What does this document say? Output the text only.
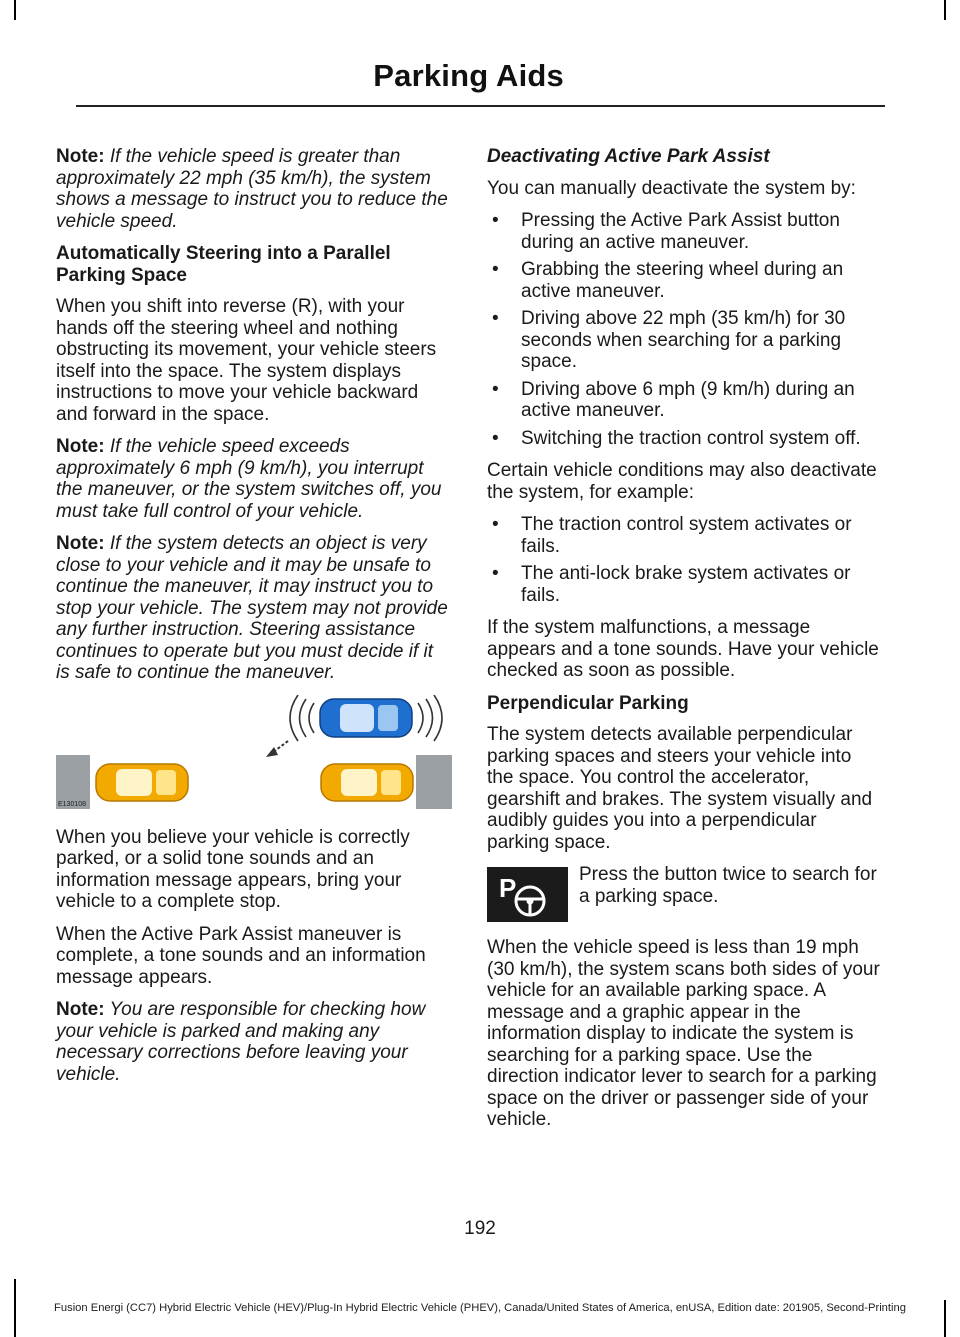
Parking Aids

Note: If the vehicle speed is greater than approximately 22 mph (35 km/h), the system shows a message to instruct you to reduce the vehicle speed.

Automatically Steering into a Parallel Parking Space

When you shift into reverse (R), with your hands off the steering wheel and nothing obstructing its movement, your vehicle steers itself into the space. The system displays instructions to move your vehicle backward and forward in the space.

Note: If the vehicle speed exceeds approximately 6 mph (9 km/h), you interrupt the maneuver, or the system switches off, you must take full control of your vehicle.

Note: If the system detects an object is very close to your vehicle and it may be unsafe to continue the maneuver, it may instruct you to stop your vehicle. The system may not provide any further instruction. Steering assistance continues to operate but you must decide if it is safe to continue the maneuver.

E130108

When you believe your vehicle is correctly parked, or a solid tone sounds and an information message appears, bring your vehicle to a complete stop.

When the Active Park Assist maneuver is complete, a tone sounds and an information message appears.

Note: You are responsible for checking how your vehicle is parked and making any necessary corrections before leaving your vehicle.

Deactivating Active Park Assist

You can manually deactivate the system by:

• Pressing the Active Park Assist button during an active maneuver.
• Grabbing the steering wheel during an active maneuver.
• Driving above 22 mph (35 km/h) for 30 seconds when searching for a parking space.
• Driving above 6 mph (9 km/h) during an active maneuver.
• Switching the traction control system off.

Certain vehicle conditions may also deactivate the system, for example:

• The traction control system activates or fails.
• The anti-lock brake system activates or fails.

If the system malfunctions, a message appears and a tone sounds. Have your vehicle checked as soon as possible.

Perpendicular Parking

The system detects available perpendicular parking spaces and steers your vehicle into the space. You control the accelerator, gearshift and brakes. The system visually and audibly guides you into a perpendicular parking space.

P	Press the button twice to search for a parking space.

When the vehicle speed is less than 19 mph (30 km/h), the system scans both sides of your vehicle for an available parking space. A message and a graphic appear in the information display to indicate the system is searching for a parking space. Use the direction indicator lever to search for a parking space on the driver or passenger side of your vehicle.

192
Fusion Energi (CC7) Hybrid Electric Vehicle (HEV)/Plug-In Hybrid Electric Vehicle (PHEV), Canada/United States of America, enUSA, Edition date: 201905, Second-Printing
